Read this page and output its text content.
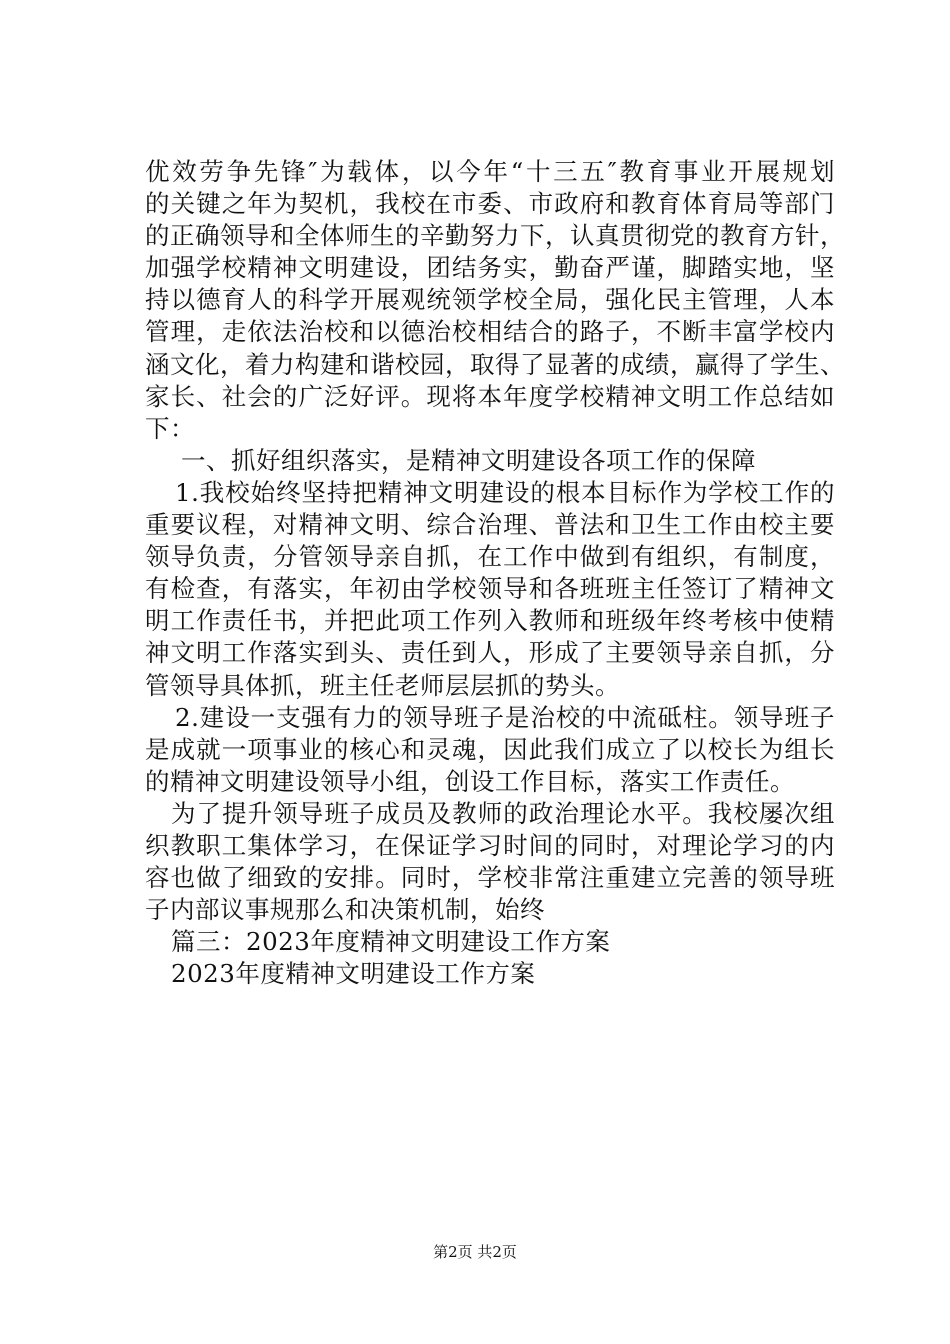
优效劳争先锋″为载体，以今年“十三五″教育事业开展规划
的关键之年为契机，我校在市委、市政府和教育体育局等部门
的正确领导和全体师生的辛勤努力下，认真贯彻党的教育方针，
加强学校精神文明建设，团结务实，勤奋严谨，脚踏实地，坚
持以德育人的科学开展观统领学校全局，强化民主管理，人本
管理，走依法治校和以德治校相结合的路子，不断丰富学校内
涵文化，着力构建和谐校园，取得了显著的成绩，赢得了学生、
家长、社会的广泛好评。现将本年度学校精神文明工作总结如
下：
一、抓好组织落实，是精神文明建设各项工作的保障
1.我校始终坚持把精神文明建设的根本目标作为学校工作的
重要议程，对精神文明、综合治理、普法和卫生工作由校主要
领导负责，分管领导亲自抓，在工作中做到有组织，有制度，
有检查，有落实，年初由学校领导和各班班主任签订了精神文
明工作责任书，并把此项工作列入教师和班级年终考核中使精
神文明工作落实到头、责任到人，形成了主要领导亲自抓，分
管领导具体抓，班主任老师层层抓的势头。
2.建设一支强有力的领导班子是治校的中流砥柱。领导班子
是成就一项事业的核心和灵魂，因此我们成立了以校长为组长
的精神文明建设领导小组，创设工作目标，落实工作责任。
为了提升领导班子成员及教师的政治理论水平。我校屡次组
织教职工集体学习，在保证学习时间的同时，对理论学习的内
容也做了细致的安排。同时，学校非常注重建立完善的领导班
子内部议事规那么和决策机制，始终
篇三：2023年度精神文明建设工作方案
2023年度精神文明建设工作方案
第2页 共2页
